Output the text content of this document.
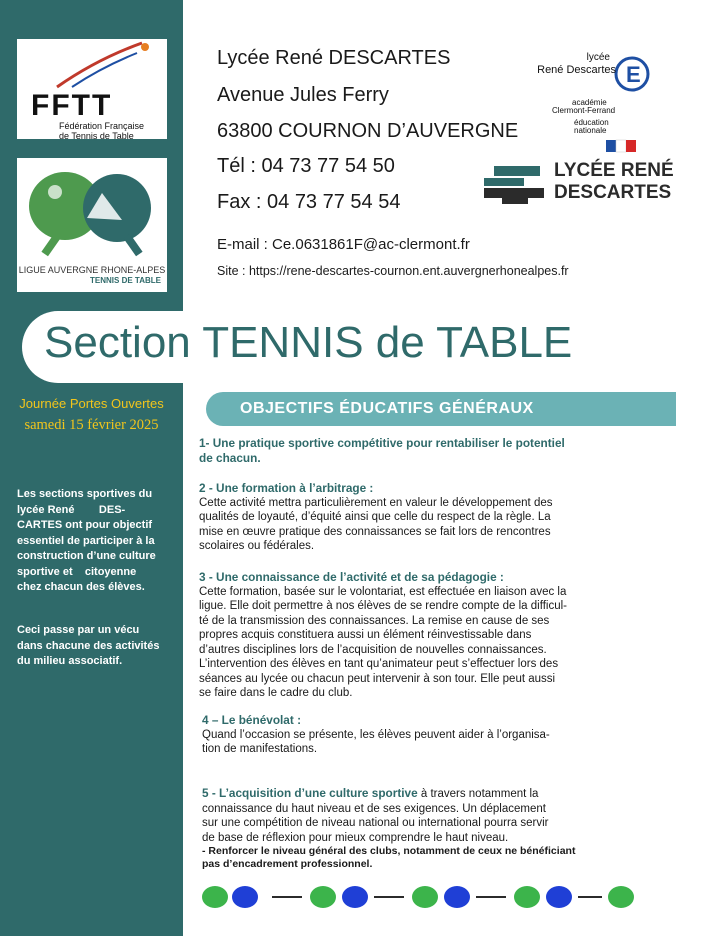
FFTT
Fédération Française
de Tennis de Table
LIGUE AUVERGNE RHONE-ALPES
TENNIS DE TABLE
Lycée René DESCARTES
Avenue Jules Ferry
63800 COURNON D’AUVERGNE
Tél : 04 73 77 54 50
Fax : 04 73 77 54 54
E-mail : Ce.0631861F@ac-clermont.fr
Site : https://rene-descartes-cournon.ent.auvergnerhonealpes.fr
E
lycée
René Descartes
académie
Clermont-Ferrand
éducation
nationale
LYCÉE RENÉ
DESCARTES
Section TENNIS de TABLE
Journée Portes Ouvertes
samedi 15 février 2025
Les sections sportives du
lycée René        DES-
CARTES ont pour objectif
essentiel de participer à la
construction d’une culture
sportive et    citoyenne
chez chacun des élèves.
Ceci passe par un vécu
dans chacune des activités
du milieu associatif.
OBJECTIFS ÉDUCATIFS GÉNÉRAUX
1- Une pratique sportive compétitive pour rentabiliser le potentiel
de chacun.
2 - Une formation à l’arbitrage :
Cette activité mettra particulièrement en valeur le développement des
qualités de loyauté, d’équité ainsi que celle du respect de la règle. La
mise en œuvre pratique des connaissances se fait lors de rencontres
scolaires ou fédérales.
3 - Une connaissance de l’activité et de sa pédagogie :
Cette formation, basée sur le volontariat, est effectuée en liaison avec la
ligue. Elle doit permettre à nos élèves de se rendre compte de la difficul-
té de la transmission des connaissances. La remise en cause de ses
propres acquis constituera aussi un élément réinvestissable dans
d’autres disciplines lors de l’acquisition de nouvelles connaissances.
L’intervention des élèves en tant qu’animateur peut s’effectuer lors des
séances au lycée ou chacun peut intervenir à son tour. Elle peut aussi
se faire dans le cadre du club.
4 – Le bénévolat :
Quand l’occasion se présente, les élèves peuvent aider à l’organisa-
tion de manifestations.
5 - L’acquisition d’une culture sportive à travers notamment la
connaissance du haut niveau et de ses exigences. Un déplacement
sur une compétition de niveau national ou international pourra servir
de base de réflexion pour mieux comprendre le haut niveau.
- Renforcer le niveau général des clubs, notamment de ceux ne bénéficiant
pas d’encadrement professionnel.
